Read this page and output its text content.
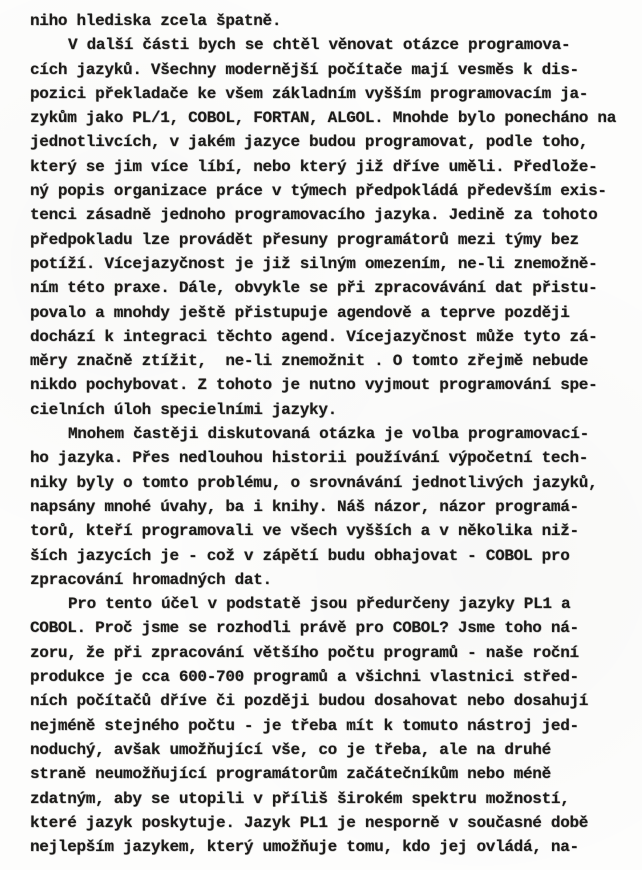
niho hlediska zcela špatně.
V další části bych se chtěl věnovat otázce programova-
cích jazyků. Všechny modernější počítače mají vesměs k dis-
pozici překladače ke všem základním vyšším programovacím ja-
zykům jako PL/1, COBOL, FORTAN, ALGOL. Mnohde bylo ponecháno na
jednotlivcích, v jakém jazyce budou programovat, podle toho,
který se jim více líbí, nebo který již dříve uměli. Předlože-
ný popis organizace práce v týmech předpokládá především exis-
tenci zásadně jednoho programovacího jazyka. Jedině za tohoto
předpokladu lze provádět přesuny programátorů mezi týmy bez
potíží. Vícejazyčnost je již silným omezením, ne-li znemožně-
ním této praxe. Dále, obvykle se při zpracovávání dat přistu-
povalo a mnohdy ještě přistupuje agendově a teprve později
dochází k integraci těchto agend. Vícejazyčnost může tyto zá-
měry značně ztížit,  ne-li znemožnit . O tomto zřejmě nebude
nikdo pochybovat. Z tohoto je nutno vyjmout programování spe-
cielních úloh specielními jazyky.
Mnohem častěji diskutovaná otázka je volba programovací-
ho jazyka. Přes nedlouhou historii používání výpočetní tech-
niky byly o tomto problému, o srovnávání jednotlivých jazyků,
napsány mnohé úvahy, ba i knihy. Náš názor, názor programá-
torů, kteří programovali ve všech vyšších a v několika niž-
ších jazycích je - což v zápětí budu obhajovat - COBOL pro
zpracování hromadných dat.
Pro tento účel v podstatě jsou předurčeny jazyky PL1 a
COBOL. Proč jsme se rozhodli právě pro COBOL? Jsme toho ná-
zoru, že při zpracování většího počtu programů - naše roční
produkce je cca 600-700 programů a všichni vlastnici střed-
ních počítačů dříve či později budou dosahovat nebo dosahují
nejméně stejného počtu - je třeba mít k tomuto nástroj jed-
noduchý, avšak umožňující vše, co je třeba, ale na druhé
straně neumožňující programátorům začátečníkům nebo méně
zdatným, aby se utopili v příliš širokém spektru možností,
které jazyk poskytuje. Jazyk PL1 je nesporně v současné době
nejlepším jazykem, který umožňuje tomu, kdo jej ovládá, na-
